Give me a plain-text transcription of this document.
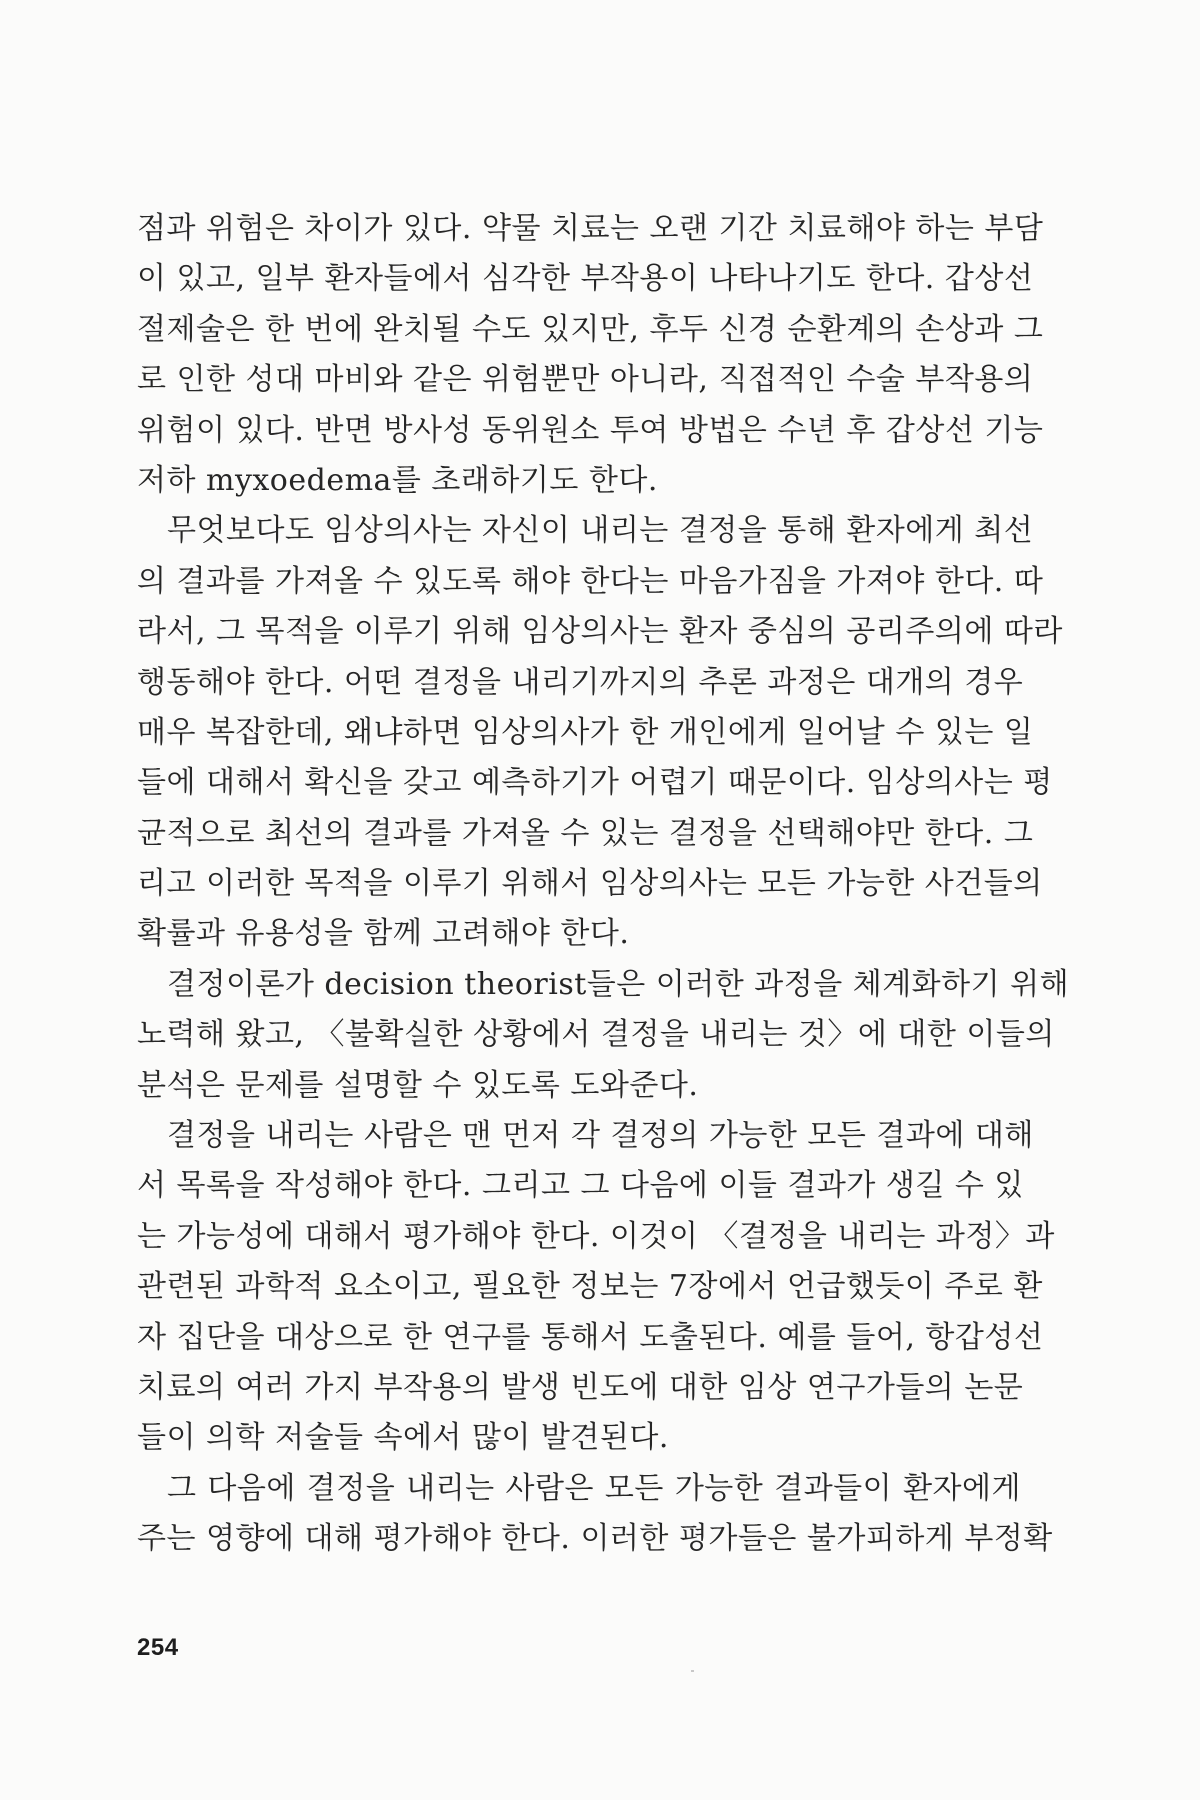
점과 위험은 차이가 있다. 약물 치료는 오랜 기간 치료해야 하는 부담
이 있고, 일부 환자들에서 심각한 부작용이 나타나기도 한다. 갑상선
절제술은 한 번에 완치될 수도 있지만, 후두 신경 순환계의 손상과 그
로 인한 성대 마비와 같은 위험뿐만 아니라, 직접적인 수술 부작용의
위험이 있다. 반면 방사성 동위원소 투여 방법은 수년 후 갑상선 기능
저하 myxoedema를 초래하기도 한다.
무엇보다도 임상의사는 자신이 내리는 결정을 통해 환자에게 최선
의 결과를 가져올 수 있도록 해야 한다는 마음가짐을 가져야 한다. 따
라서, 그 목적을 이루기 위해 임상의사는 환자 중심의 공리주의에 따라
행동해야 한다. 어떤 결정을 내리기까지의 추론 과정은 대개의 경우
매우 복잡한데, 왜냐하면 임상의사가 한 개인에게 일어날 수 있는 일
들에 대해서 확신을 갖고 예측하기가 어렵기 때문이다. 임상의사는 평
균적으로 최선의 결과를 가져올 수 있는 결정을 선택해야만 한다. 그
리고 이러한 목적을 이루기 위해서 임상의사는 모든 가능한 사건들의
확률과 유용성을 함께 고려해야 한다.
결정이론가 decision theorist들은 이러한 과정을 체계화하기 위해
노력해 왔고, 〈불확실한 상황에서 결정을 내리는 것〉에 대한 이들의
분석은 문제를 설명할 수 있도록 도와준다.
결정을 내리는 사람은 맨 먼저 각 결정의 가능한 모든 결과에 대해
서 목록을 작성해야 한다. 그리고 그 다음에 이들 결과가 생길 수 있
는 가능성에 대해서 평가해야 한다. 이것이 〈결정을 내리는 과정〉과
관련된 과학적 요소이고, 필요한 정보는 7장에서 언급했듯이 주로 환
자 집단을 대상으로 한 연구를 통해서 도출된다. 예를 들어, 항갑성선
치료의 여러 가지 부작용의 발생 빈도에 대한 임상 연구가들의 논문
들이 의학 저술들 속에서 많이 발견된다.
그 다음에 결정을 내리는 사람은 모든 가능한 결과들이 환자에게
주는 영향에 대해 평가해야 한다. 이러한 평가들은 불가피하게 부정확
254
